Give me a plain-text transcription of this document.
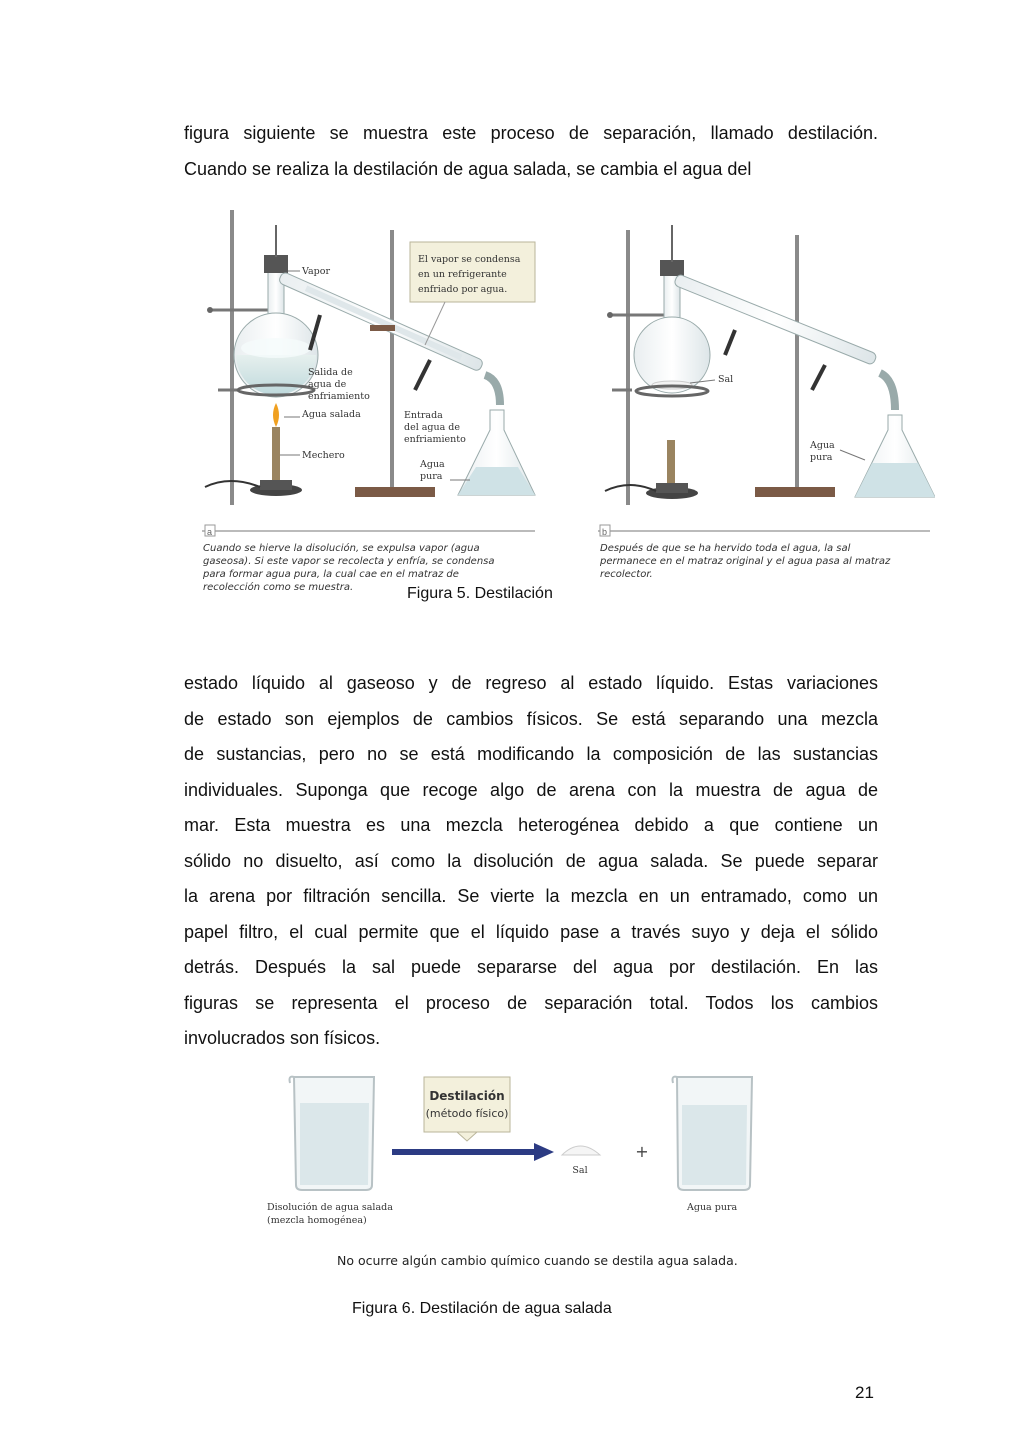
figura siguiente se muestra este proceso de separación, llamado destilación.
Cuando se realiza la destilación de agua salada, se cambia el agua del
El vapor se condensa
en un refrigerante
enfriado por agua.
Vapor
Salida de
agua de
enfriamiento
Agua salada
Mechero
Entrada
del agua de
enfriamiento
Agua
pura
a
Cuando se hierve la disolución, se expulsa vapor (agua
gaseosa). Si este vapor se recolecta y enfría, se condensa
para formar agua pura, la cual cae en el matraz de
recolección como se muestra.
Sal
Agua
pura
b
Después de que se ha hervido toda el agua, la sal
permanece en el matraz original y el agua pasa al matraz
recolector.
Figura 5. Destilación
estado líquido al gaseoso y de regreso al estado líquido. Estas variaciones
de estado son ejemplos de cambios físicos. Se está separando una mezcla
de sustancias, pero no se está modificando la composición de las sustancias
individuales. Suponga que recoge algo de arena con la muestra de agua de
mar. Esta muestra es una mezcla heterogénea debido a que contiene un
sólido no disuelto, así como la disolución de agua salada. Se puede separar
la arena por filtración sencilla. Se vierte la mezcla en un entramado, como un
papel filtro, el cual permite que el líquido pase a través suyo y deja el sólido
detrás. Después la sal puede separarse del agua por destilación. En las
figuras se representa el proceso de separación total. Todos los cambios
involucrados son físicos.
Destilación
(método físico)
Sal
+
Disolución de agua salada
(mezcla homogénea)
Agua pura
No ocurre algún cambio químico cuando se destila agua salada.
Figura 6. Destilación de agua salada
21
